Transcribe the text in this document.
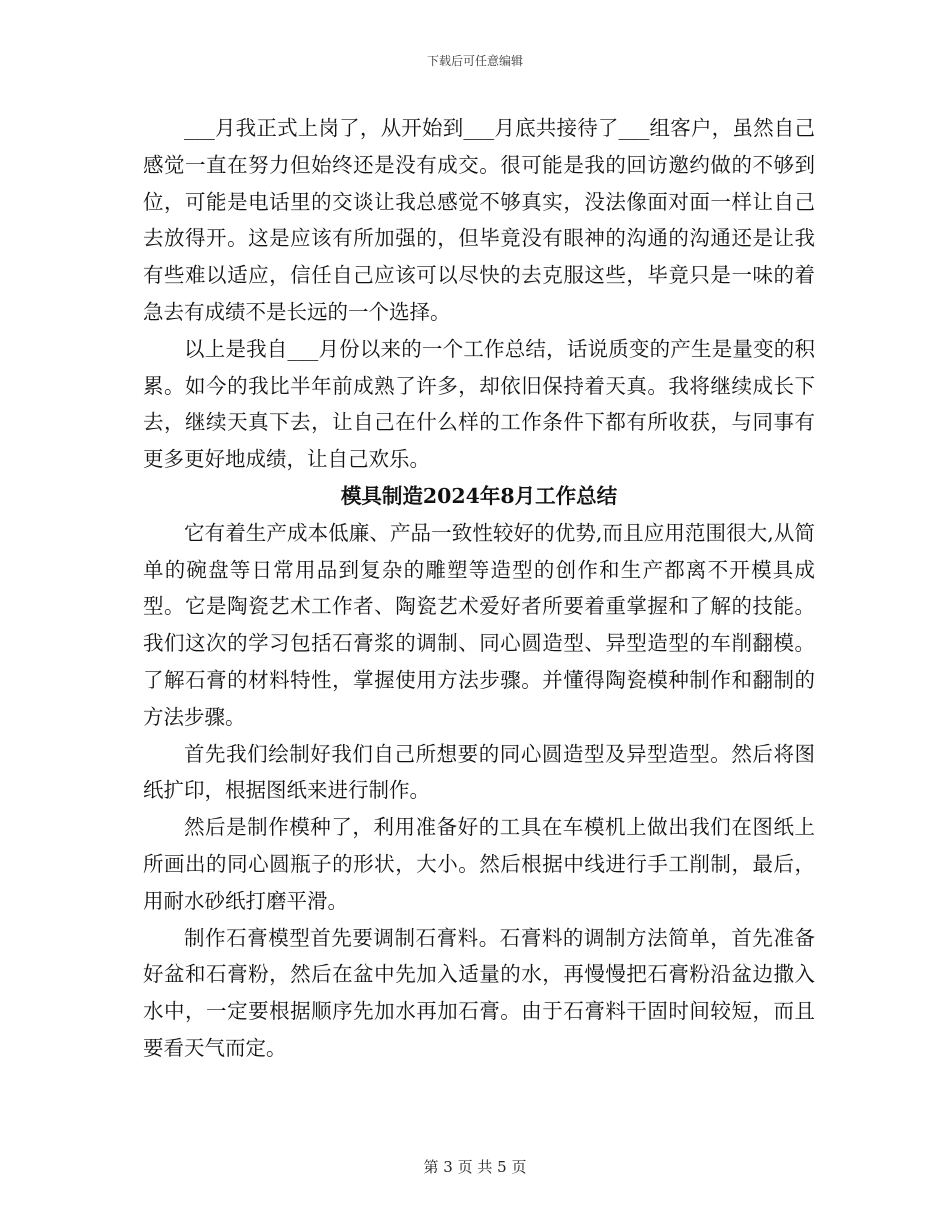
下载后可任意编辑

___月我正式上岗了，从开始到___月底共接待了___组客户，虽然自己感觉一直在努力但始终还是没有成交。很可能是我的回访邀约做的不够到位，可能是电话里的交谈让我总感觉不够真实，没法像面对面一样让自己去放得开。这是应该有所加强的，但毕竟没有眼神的沟通的沟通还是让我有些难以适应，信任自己应该可以尽快的去克服这些，毕竟只是一味的着急去有成绩不是长远的一个选择。

以上是我自___月份以来的一个工作总结，话说质变的产生是量变的积累。如今的我比半年前成熟了许多，却依旧保持着天真。我将继续成长下去，继续天真下去，让自己在什么样的工作条件下都有所收获，与同事有更多更好地成绩，让自己欢乐。

模具制造2024年8月工作总结

它有着生产成本低廉、产品一致性较好的优势,而且应用范围很大,从简单的碗盘等日常用品到复杂的雕塑等造型的创作和生产都离不开模具成型。它是陶瓷艺术工作者、陶瓷艺术爱好者所要着重掌握和了解的技能。我们这次的学习包括石膏浆的调制、同心圆造型、异型造型的车削翻模。了解石膏的材料特性，掌握使用方法步骤。并懂得陶瓷模种制作和翻制的方法步骤。

首先我们绘制好我们自己所想要的同心圆造型及异型造型。然后将图纸扩印，根据图纸来进行制作。

然后是制作模种了，利用准备好的工具在车模机上做出我们在图纸上所画出的同心圆瓶子的形状，大小。然后根据中线进行手工削制，最后，用耐水砂纸打磨平滑。

制作石膏模型首先要调制石膏料。石膏料的调制方法简单，首先准备好盆和石膏粉，然后在盆中先加入适量的水，再慢慢把石膏粉沿盆边撒入水中，一定要根据顺序先加水再加石膏。由于石膏料干固时间较短，而且要看天气而定。

第 3 页 共 5 页
